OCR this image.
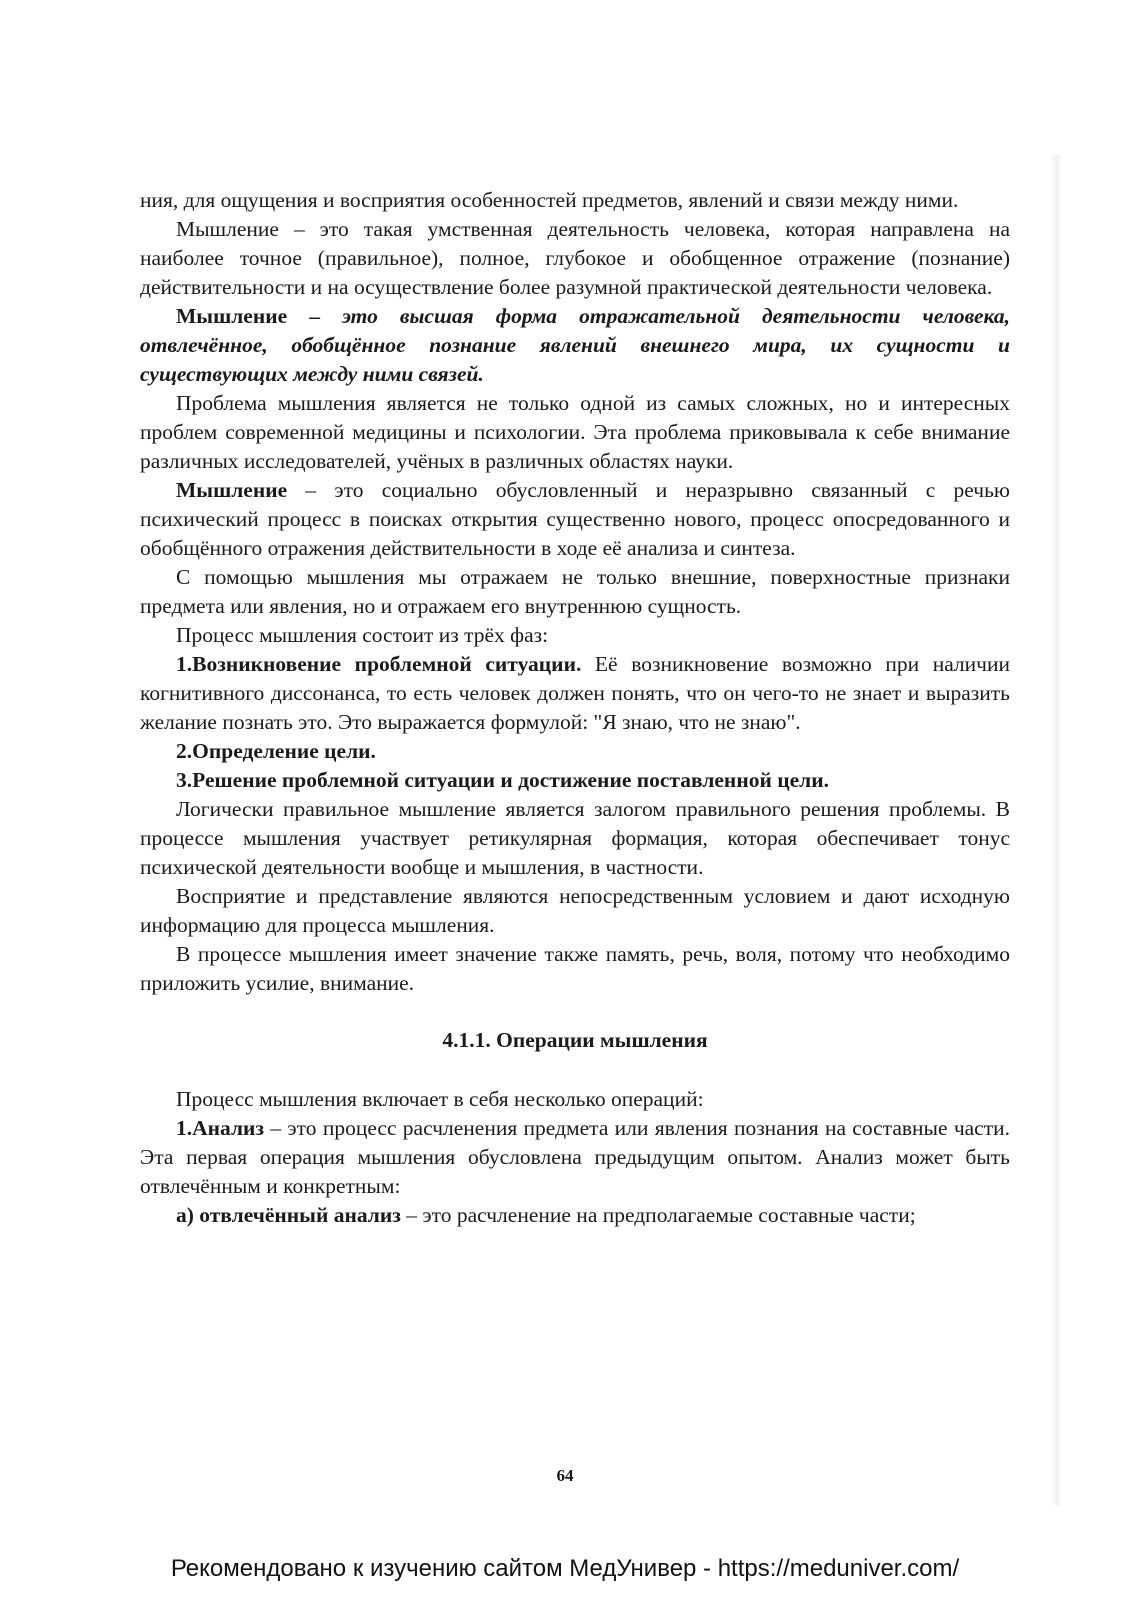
ния, для ощущения и восприятия особенностей предметов, явлений и связи между ними.

Мышление – это такая умственная деятельность человека, которая направлена на наиболее точное (правильное), полное, глубокое и обобщенное отражение (познание) действительности и на осуществление более разумной практической деятельности человека.

Мышление – это высшая форма отражательной деятельности человека, отвлечённое, обобщённое познание явлений внешнего мира, их сущности и существующих между ними связей.

Проблема мышления является не только одной из самых сложных, но и интересных проблем современной медицины и психологии. Эта проблема приковывала к себе внимание различных исследователей, учёных в различных областях науки.

Мышление – это социально обусловленный и неразрывно связанный с речью психический процесс в поисках открытия существенно нового, процесс опосредованного и обобщённого отражения действительности в ходе её анализа и синтеза.

С помощью мышления мы отражаем не только внешние, поверхностные признаки предмета или явления, но и отражаем его внутреннюю сущность.

Процесс мышления состоит из трёх фаз:

1.Возникновение проблемной ситуации. Её возникновение возможно при наличии когнитивного диссонанса, то есть человек должен понять, что он чего-то не знает и выразить желание познать это. Это выражается формулой: "Я знаю, что не знаю".

2.Определение цели.

3.Решение проблемной ситуации и достижение поставленной цели.

Логически правильное мышление является залогом правильного решения проблемы. В процессе мышления участвует ретикулярная формация, которая обеспечивает тонус психической деятельности вообще и мышления, в частности.

Восприятие и представление являются непосредственным условием и дают исходную информацию для процесса мышления.

В процессе мышления имеет значение также память, речь, воля, потому что необходимо приложить усилие, внимание.

4.1.1. Операции мышления

Процесс мышления включает в себя несколько операций:

1.Анализ – это процесс расчленения предмета или явления познания на составные части. Эта первая операция мышления обусловлена предыдущим опытом. Анализ может быть отвлечённым и конкретным:

а) отвлечённый анализ – это расчленение на предполагаемые составные части;

64
Рекомендовано к изучению сайтом МедУнивер - https://meduniver.com/
